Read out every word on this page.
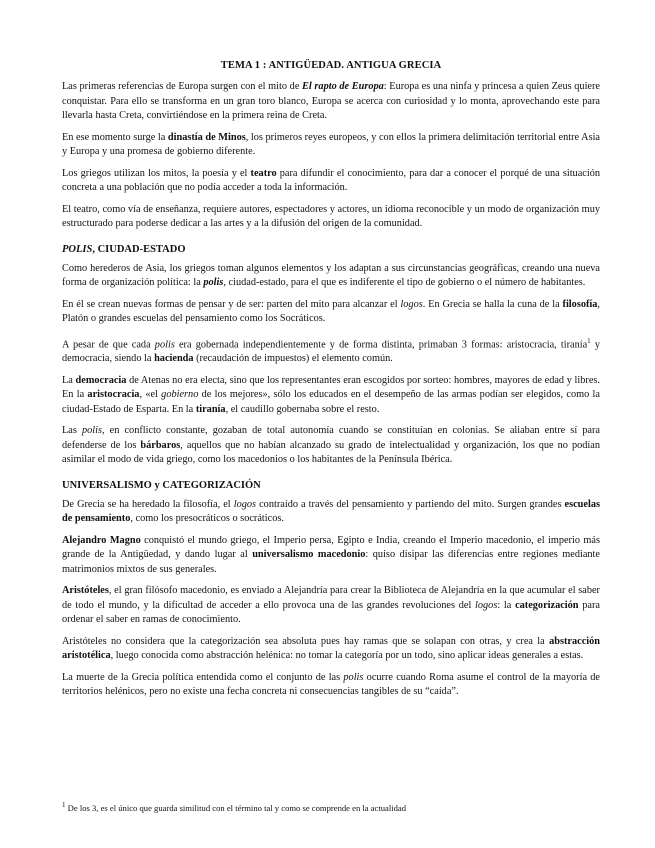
TEMA 1 : ANTIGÜEDAD. ANTIGUA GRECIA

Las primeras referencias de Europa surgen con el mito de El rapto de Europa: Europa es una ninfa y princesa a quien Zeus quiere conquistar. Para ello se transforma en un gran toro blanco, Europa se acerca con curiosidad y lo monta, aprovechando este para llevarla hasta Creta, convirtiéndose en la primera reina de Creta.

En ese momento surge la dinastía de Minos, los primeros reyes europeos, y con ellos la primera delimitación territorial entre Asia y Europa y una promesa de gobierno diferente.

Los griegos utilizan los mitos, la poesía y el teatro para difundir el conocimiento, para dar a conocer el porqué de una situación concreta a una población que no podía acceder a toda la información.

El teatro, como vía de enseñanza, requiere autores, espectadores y actores, un idioma reconocible y un modo de organización muy estructurado para poderse dedicar a las artes y a la difusión del origen de la comunidad.

POLIS, CIUDAD-ESTADO

Como herederos de Asia, los griegos toman algunos elementos y los adaptan a sus circunstancias geográficas, creando una nueva forma de organización política: la polis, ciudad-estado, para el que es indiferente el tipo de gobierno o el número de habitantes.

En él se crean nuevas formas de pensar y de ser: parten del mito para alcanzar el logos. En Grecia se halla la cuna de la filosofía, Platón o grandes escuelas del pensamiento como los Socráticos.

A pesar de que cada polis era gobernada independientemente y de forma distinta, primaban 3 formas: aristocracia, tiranía$^1$ y democracia, siendo la hacienda (recaudación de impuestos) el elemento común.

La democracia de Atenas no era electa, sino que los representantes eran escogidos por sorteo: hombres, mayores de edad y libres. En la aristocracia, «el gobierno de los mejores», sólo los educados en el desempeño de las armas podían ser elegidos, como la ciudad-Estado de Esparta. En la tiranía, el caudillo gobernaba sobre el resto.

Las polis, en conflicto constante, gozaban de total autonomía cuando se constituían en colonias. Se aliaban entre sí para defenderse de los bárbaros, aquellos que no habían alcanzado su grado de intelectualidad y organización, los que no podían asimilar el modo de vida griego, como los macedonios o los habitantes de la Península Ibérica.

UNIVERSALISMO y CATEGORIZACIÓN

De Grecia se ha heredado la filosofía, el logos contraído a través del pensamiento y partiendo del mito. Surgen grandes escuelas de pensamiento, como los presocráticos o socráticos.

Alejandro Magno conquistó el mundo griego, el Imperio persa, Egipto e India, creando el Imperio macedonio, el imperio más grande de la Antigüedad, y dando lugar al universalismo macedonio: quiso disipar las diferencias entre regiones mediante matrimonios mixtos de sus generales.

Aristóteles, el gran filósofo macedonio, es enviado a Alejandría para crear la Biblioteca de Alejandría en la que acumular el saber de todo el mundo, y la dificultad de acceder a ello provoca una de las grandes revoluciones del logos: la categorización para ordenar el saber en ramas de conocimiento.

Aristóteles no considera que la categorización sea absoluta pues hay ramas que se solapan con otras, y crea la abstracción aristotélica, luego conocida como abstracción helénica: no tomar la categoría por un todo, sino aplicar ideas generales a estas.

La muerte de la Grecia política entendida como el conjunto de las polis ocurre cuando Roma asume el control de la mayoría de territorios helénicos, pero no existe una fecha concreta ni consecuencias tangibles de su “caída”.

$^1$ De los 3, es el único que guarda similitud con el término tal y como se comprende en la actualidad
